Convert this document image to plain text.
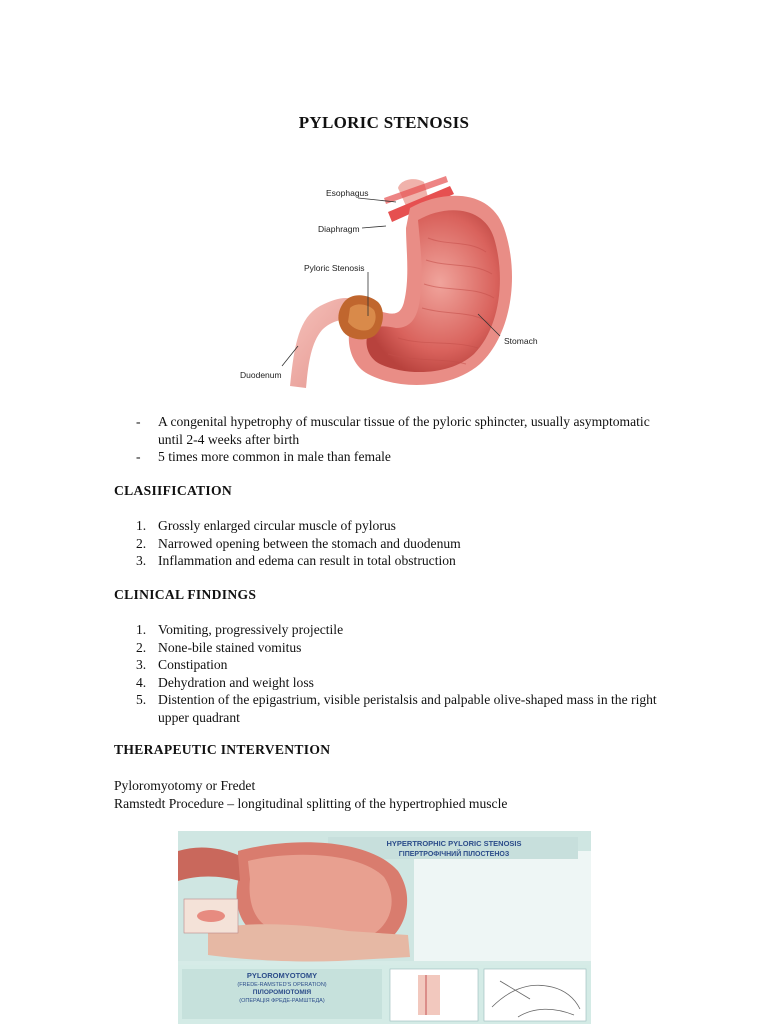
PYLORIC STENOSIS
Esophagus
Diaphragm
Pyloric Stenosis
Stomach
Duodenum
- A congenital hypetrophy of muscular tissue of the pyloric sphincter, usually asymptomatic until 2-4 weeks after birth
- 5 times more common in male than female
CLASIIFICATION
1. Grossly enlarged circular muscle of pylorus
2. Narrowed opening between the stomach and duodenum
3. Inflammation and edema can result in total obstruction
CLINICAL FINDINGS
1. Vomiting, progressively projectile
2. None-bile stained vomitus
3. Constipation
4. Dehydration and weight loss
5. Distention of the epigastrium, visible peristalsis and palpable olive-shaped mass in the right upper quadrant
THERAPEUTIC INTERVENTION
Pyloromyotomy or Fredet
Ramstedt Procedure – longitudinal splitting of the hypertrophied muscle
HYPERTROPHIC PYLORIC STENOSIS
ГІПЕРТРОФІЧНИЙ ПІЛОСТЕНОЗ
PYLOROMYOTOMY
(FREDE-RAMSTED'S OPERATION)
ПІЛОРОМІОТОМІЯ
(ОПЕРАЦІЯ ФРЕДЕ-РАМШТЕДА)
